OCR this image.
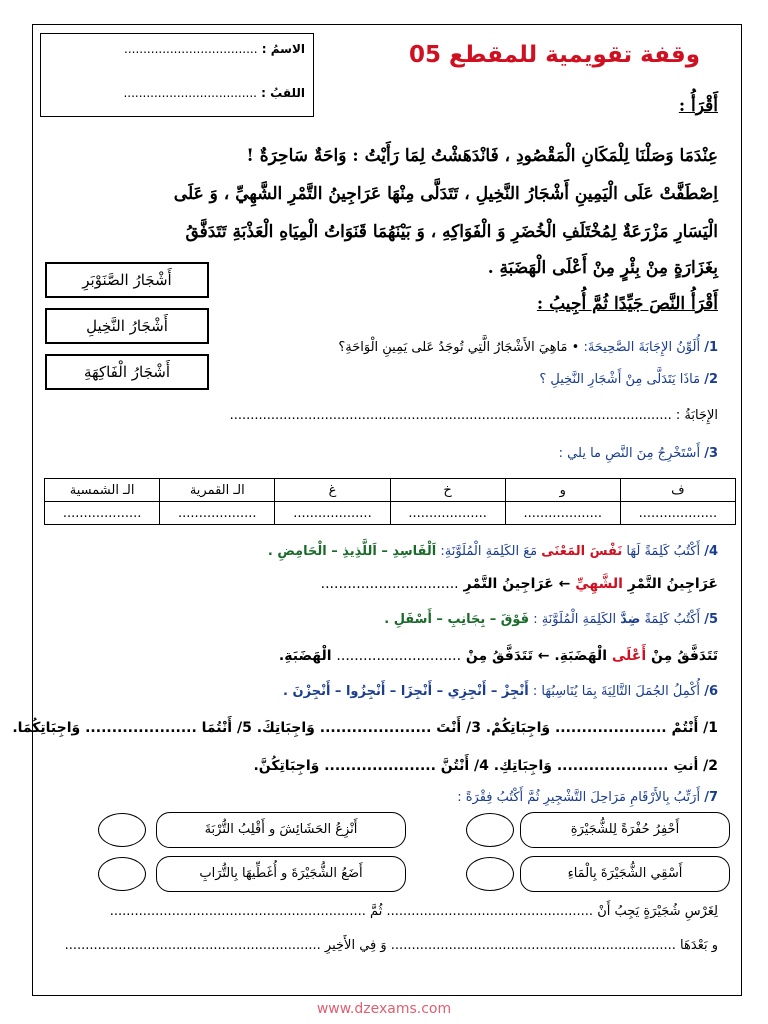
الاسمُ : ...................................
اللقبُ : ...................................
وقفة تقويمية للمقطع 05
أَقْرَأُ :
عِنْدَمَا وَصَلْنَا لِلْمَكَانِ الْمَقْصُودِ ، فَانْدَهَشْتُ لِمَا رَأَيْتُ : وَاحَةٌ سَاحِرَةٌ !
اِصْطَفَّتْ عَلَى الْيَمِينِ أَشْجَارُ النَّخِيلِ ، تَتَدَلَّى مِنْهَا عَرَاجِينُ التَّمْرِ الشَّهِيِّ ، وَ عَلَى
الْيَسَارِ مَزْرَعَةٌ لِمُخْتَلَفِ الْخُضَرِ وَ الْفَوَاكِهِ ، وَ بَيْنَهُمَا قَنَوَاتُ الْمِيَاهِ الْعَذْبَةِ تَتَدَفَّقُ
بِغَزَارَةٍ مِنْ بِئْرٍ مِنْ أَعْلَى الْهَضَبَةِ .
أَشْجَارُ الصَّنَوْبَرِ
أَشْجَارُ النَّخِيلِ
أَشْجَارُ الْفَاكِهَةِ
أَقْرَأُ النَّصَ جَيِّدًا ثُمَّ أُجِيبُ :
1/ أُلَوِّنُ الإِجَابَةَ الصَّحِيحَةَ: • مَاهِيَ الأَشْجَارُ الَّتِي تُوجَدُ عَلى يَمِينِ الْوَاحَةِ؟
2/ مَاذَا يَتَدَلَّى مِنْ أَشْجَارِ النَّخِيلِ ؟
الإِجَابَةُ : ...........................................................................................................
3/ أَسْتَخْرِجُ مِنَ النَّصِ ما يلي :
ف	و	خ	غ	الـ القمرية	الـ الشمسية
...................	...................	...................	...................	...................	...................
4/ أَكْتُبُ كَلِمَةً لَهَا نَفْسَ المَعْنَى مَعَ الكَلِمَةِ الْمُلَوَّنَةِ: اَلْفَاسِدِ – اَللَّذِيذِ – الْحَامِضِ .
عَرَاجِينُ التَّمْرِ الشَّهِيِّ ← عَرَاجِينُ التَّمْرِ ...............................
5/ أَكْتُبُ كَلِمَةً ضِدَّ الكَلِمَةِ الْمُلَوَّنَةِ : فَوْقَ – بِجَانِبِ – أَسْفَلِ .
تَتَدَفَّقُ مِنْ أَعْلَى الْهَضَبَةِ. ← تَتَدَفَّقُ مِنْ ............................ الْهَضَبَةِ.
6/ أُكْمِلُ الجُمَلَ التَّالِيَةَ بِمَا يُنَاسِبُهَا : أَنْجِزْ – أَنْجِزِي – أَنْجِزَا – أَنْجِزُوا – أَنْجِزْنَ .
1/ أَنْتُمْ ..................... وَاجِبَاتِكُمْ. 3/ أَنْتَ ..................... وَاجِبَاتِكَ. 5/ أَنْتُمَا ..................... وَاجِبَاتِكُمَا.
2/ أنتِ ..................... وَاجِبَاتِكِ. 4/ أَنْتُنَّ ..................... وَاجِبَاتِكُنَّ.
7/ أَرَتِّبُ بِالأَرْقَامِ مَرَاحِلَ التَّشْجِيرِ ثُمَّ أَكْتُبُ فِقْرَةً :
أَحْفِرُ حُفْرَةً لِلشُّجَيْرَةِ
أَنْزِعُ الحَشَائِشَ و أَقْلِبُ التُّرْبَةَ
أَسْقِي الشُّجَيْرَةَ بِالْمَاءِ
أَضَعُ الشُّجَيْرَةَ و أُغَطِّيهَا بِالتُّرَابِ
لِغَرْسِ شُجَيْرَةٍ يَجِبُ أَنْ .................................................. ثُمَّ ..............................................................
و بَعْدَهَا ..................................................................... وَ فِي الأَخِيرِ ..............................................................
www.dzexams.com
